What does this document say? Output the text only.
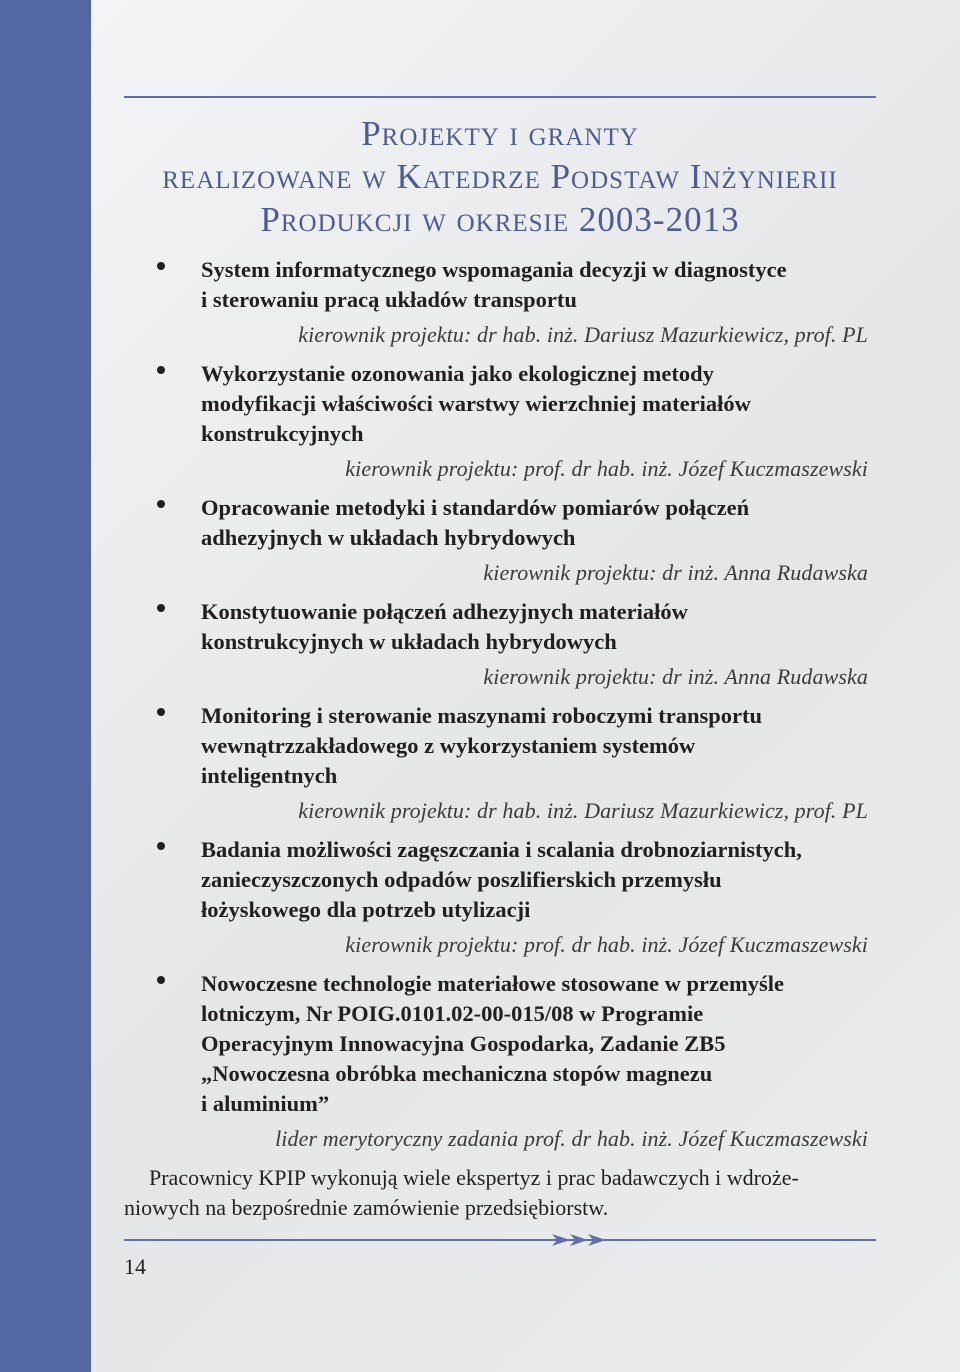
Projekty i granty
realizowane w Katedrze Podstaw Inżynierii
Produkcji w okresie 2003-2013
System informatycznego wspomagania decyzji w diagnostyce
i sterowaniu pracą układów transportu
kierownik projektu: dr hab. inż. Dariusz Mazurkiewicz, prof. PL
Wykorzystanie ozonowania jako ekologicznej metody
modyfikacji właściwości warstwy wierzchniej materiałów
konstrukcyjnych
kierownik projektu: prof. dr hab. inż. Józef Kuczmaszewski
Opracowanie metodyki i standardów pomiarów połączeń
adhezyjnych w układach hybrydowych
kierownik projektu: dr inż. Anna Rudawska
Konstytuowanie połączeń adhezyjnych materiałów
konstrukcyjnych w układach hybrydowych
kierownik projektu: dr inż. Anna Rudawska
Monitoring i sterowanie maszynami roboczymi transportu
wewnątrzzakładowego z wykorzystaniem systemów
inteligentnych
kierownik projektu: dr hab. inż. Dariusz Mazurkiewicz, prof. PL
Badania możliwości zagęszczania i scalania drobnoziarnistych,
zanieczyszczonych odpadów poszlifierskich przemysłu
łożyskowego dla potrzeb utylizacji
kierownik projektu: prof. dr hab. inż. Józef Kuczmaszewski
Nowoczesne technologie materiałowe stosowane w przemyśle
lotniczym, Nr POIG.0101.02-00-015/08 w Programie
Operacyjnym Innowacyjna Gospodarka, Zadanie ZB5
„Nowoczesna obróbka mechaniczna stopów magnezu
i aluminium”
lider merytoryczny zadania prof. dr hab. inż. Józef Kuczmaszewski
Pracownicy KPIP wykonują wiele ekspertyz i prac badawczych i wdroże-
niowych na bezpośrednie zamówienie przedsiębiorstw.
14
